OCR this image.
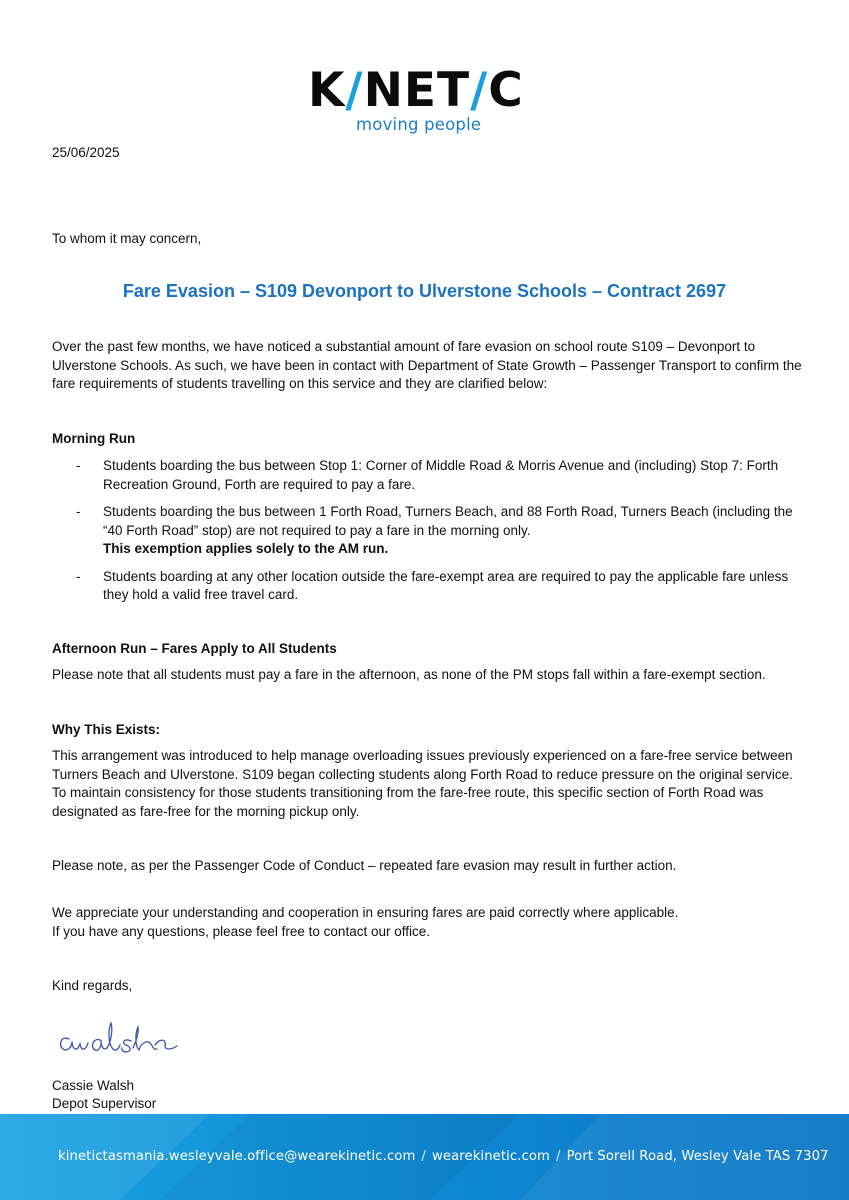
K / NET / C
moving people
25/06/2025
To whom it may concern,
Fare Evasion – S109 Devonport to Ulverstone Schools – Contract 2697
Over the past few months, we have noticed a substantial amount of fare evasion on school route S109 – Devonport to Ulverstone Schools. As such, we have been in contact with Department of State Growth – Passenger Transport to confirm the fare requirements of students travelling on this service and they are clarified below:
Morning Run
- Students boarding the bus between Stop 1: Corner of Middle Road & Morris Avenue and (including) Stop 7: Forth Recreation Ground, Forth are required to pay a fare.
- Students boarding the bus between 1 Forth Road, Turners Beach, and 88 Forth Road, Turners Beach (including the “40 Forth Road” stop) are not required to pay a fare in the morning only.
This exemption applies solely to the AM run.
- Students boarding at any other location outside the fare-exempt area are required to pay the applicable fare unless they hold a valid free travel card.
Afternoon Run – Fares Apply to All Students
Please note that all students must pay a fare in the afternoon, as none of the PM stops fall within a fare-exempt section.
Why This Exists:
This arrangement was introduced to help manage overloading issues previously experienced on a fare-free service between Turners Beach and Ulverstone. S109 began collecting students along Forth Road to reduce pressure on the original service. To maintain consistency for those students transitioning from the fare-free route, this specific section of Forth Road was designated as fare-free for the morning pickup only.
Please note, as per the Passenger Code of Conduct – repeated fare evasion may result in further action.
We appreciate your understanding and cooperation in ensuring fares are paid correctly where applicable.
If you have any questions, please feel free to contact our office.
Kind regards,
Cassie Walsh
Depot Supervisor
kinetictasmania.wesleyvale.office@wearekinetic.com / wearekinetic.com / Port Sorell Road, Wesley Vale TAS 7307
